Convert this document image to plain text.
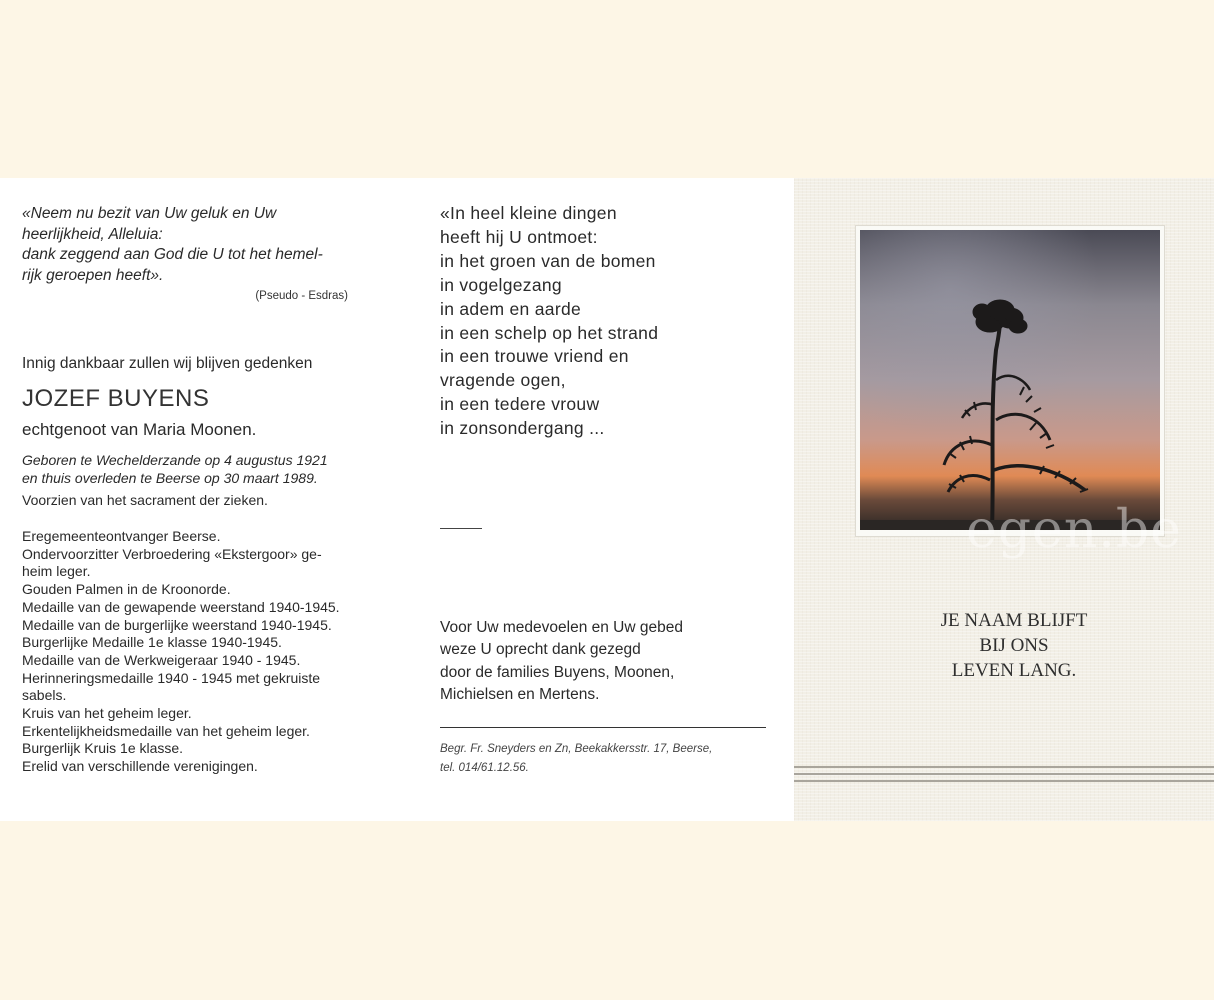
«Neem nu bezit van Uw geluk en Uw
heerlijkheid, Alleluia:
dank zeggend aan God die U tot het hemel-
rijk geroepen heeft».

(Pseudo - Esdras)
Innig dankbaar zullen wij blijven gedenken
JOZEF BUYENS
echtgenoot van Maria Moonen.
Geboren te Wechelderzande op 4 augustus 1921
en thuis overleden te Beerse op 30 maart 1989.
Voorzien van het sacrament der zieken.
Eregemeenteontvanger Beerse.
Ondervoorzitter Verbroedering «Ekstergoor» ge-
heim leger.
Gouden Palmen in de Kroonorde.
Medaille van de gewapende weerstand 1940-1945.
Medaille van de burgerlijke weerstand 1940-1945.
Burgerlijke Medaille 1e klasse 1940-1945.
Medaille van de Werkweigeraar 1940 - 1945.
Herinneringsmedaille 1940 - 1945 met gekruiste
sabels.
Kruis van het geheim leger.
Erkentelijkheidsmedaille van het geheim leger.
Burgerlijk Kruis 1e klasse.
Erelid van verschillende verenigingen.
«In heel kleine dingen
heeft hij U ontmoet:
in het groen van de bomen
in vogelgezang
in adem en aarde
in een schelp op het strand
in een trouwe vriend en
vragende ogen,
in een tedere vrouw
in zonsondergang ...
Voor Uw medevoelen en Uw gebed
weze U oprecht dank gezegd
door de families Buyens, Moonen,
Michielsen en Mertens.
Begr. Fr. Sneyders en Zn, Beekakkersstr. 17, Beerse,
tel. 014/61.12.56.
egen.be
JE NAAM BLIJFT
BIJ ONS
LEVEN LANG.
